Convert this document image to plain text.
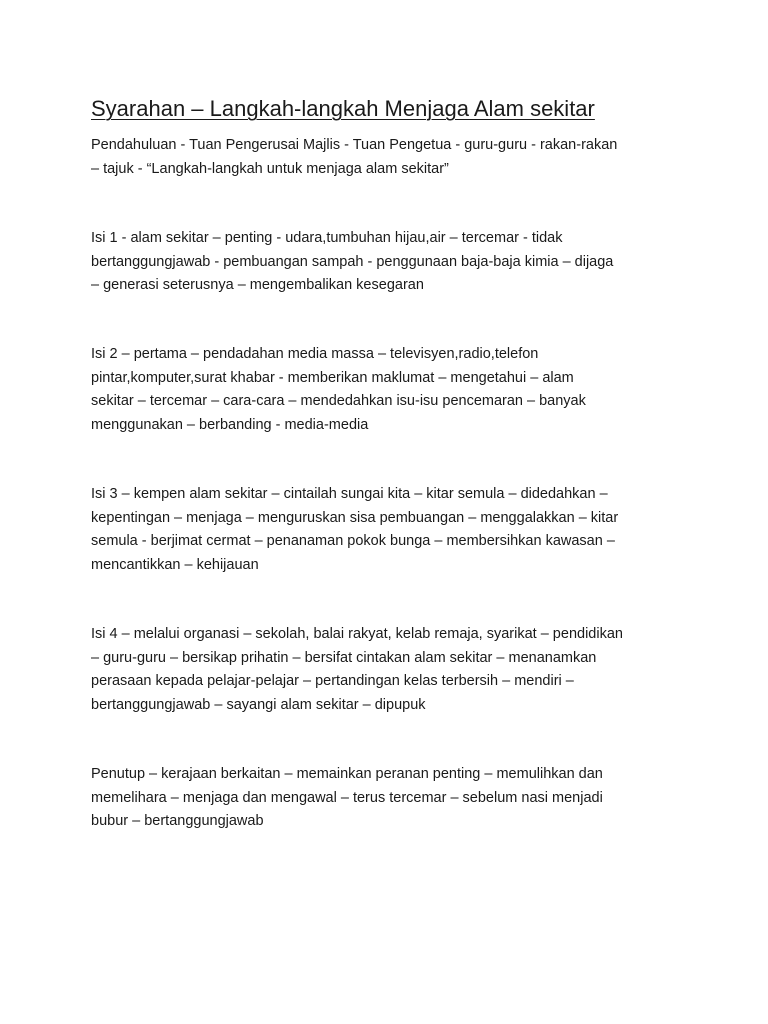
Syarahan – Langkah-langkah Menjaga Alam sekitar
Pendahuluan - Tuan Pengerusai Majlis - Tuan Pengetua - guru-guru - rakan-rakan
– tajuk - “Langkah-langkah untuk menjaga alam sekitar”
Isi 1 - alam sekitar – penting - udara,tumbuhan hijau,air – tercemar - tidak
bertanggungjawab - pembuangan sampah - penggunaan baja-baja kimia – dijaga
– generasi seterusnya – mengembalikan kesegaran
Isi 2 – pertama – pendadahan media massa – televisyen,radio,telefon
pintar,komputer,surat khabar - memberikan maklumat – mengetahui – alam
sekitar – tercemar – cara-cara – mendedahkan isu-isu pencemaran – banyak
menggunakan – berbanding - media-media
Isi 3 – kempen alam sekitar – cintailah sungai kita – kitar semula – didedahkan –
kepentingan – menjaga – menguruskan sisa pembuangan – menggalakkan – kitar
semula - berjimat cermat – penanaman pokok bunga – membersihkan kawasan –
mencantikkan – kehijauan
Isi 4 – melalui organasi – sekolah, balai rakyat, kelab remaja, syarikat – pendidikan
– guru-guru – bersikap prihatin – bersifat cintakan alam sekitar – menanamkan
perasaan kepada pelajar-pelajar – pertandingan kelas terbersih – mendiri –
bertanggungjawab – sayangi alam sekitar – dipupuk
Penutup – kerajaan berkaitan – memainkan peranan penting – memulihkan dan
memelihara – menjaga dan mengawal – terus tercemar – sebelum nasi menjadi
bubur – bertanggungjawab
